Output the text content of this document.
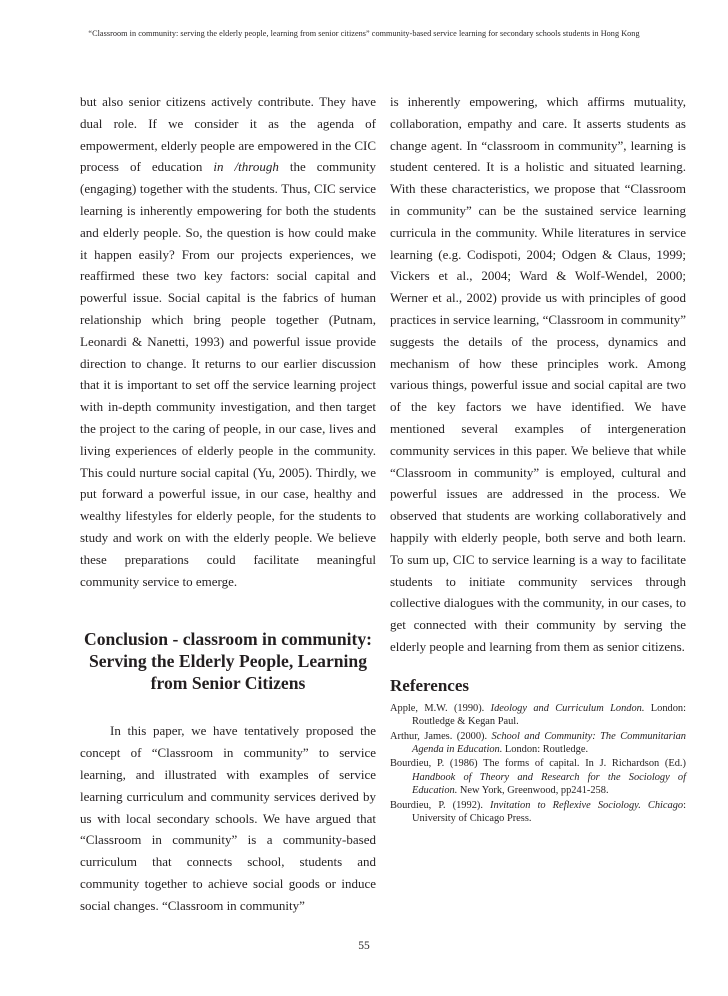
“Classroom in community: serving the elderly people, learning from senior citizens” community-based service learning for secondary schools students in Hong Kong

but also senior citizens actively contribute. They have dual role. If we consider it as the agenda of empowerment, elderly people are empowered in the CIC process of education in /through the community (engaging) together with the students. Thus, CIC service learning is inherently empowering for both the students and elderly people. So, the question is how could make it happen easily? From our projects experiences, we reaffirmed these two key factors: social capital and powerful issue. Social capital is the fabrics of human relationship which bring people together (Putnam, Leonardi & Nanetti, 1993) and powerful issue provide direction to change. It returns to our earlier discussion that it is important to set off the service learning project with in-depth community investigation, and then target the project to the caring of people, in our case, lives and living experiences of elderly people in the community. This could nurture social capital (Yu, 2005). Thirdly, we put forward a powerful issue, in our case, healthy and wealthy lifestyles for elderly people, for the students to study and work on with the elderly people. We believe these preparations could facilitate meaningful community service to emerge.

Conclusion - classroom in community: Serving the Elderly People, Learning from Senior Citizens

In this paper, we have tentatively proposed the concept of “Classroom in community” to service learning, and illustrated with examples of service learning curriculum and community services derived by us with local secondary schools. We have argued that “Classroom in community” is a community-based curriculum that connects school, students and community together to achieve social goods or induce social changes. “Classroom in community”

is inherently empowering, which affirms mutuality, collaboration, empathy and care. It asserts students as change agent. In “classroom in community”, learning is student centered. It is a holistic and situated learning. With these characteristics, we propose that “Classroom in community” can be the sustained service learning curricula in the community. While literatures in service learning (e.g. Codispoti, 2004; Odgen & Claus, 1999; Vickers et al., 2004; Ward & Wolf-Wendel, 2000; Werner et al., 2002) provide us with principles of good practices in service learning, “Classroom in community” suggests the details of the process, dynamics and mechanism of how these principles work. Among various things, powerful issue and social capital are two of the key factors we have identified. We have mentioned several examples of intergeneration community services in this paper. We believe that while “Classroom in community” is employed, cultural and powerful issues are addressed in the process. We observed that students are working collaboratively and happily with elderly people, both serve and both learn. To sum up, CIC to service learning is a way to facilitate students to initiate community services through collective dialogues with the community, in our cases, to get connected with their community by serving the elderly people and learning from them as senior citizens.

References
Apple, M.W. (1990). Ideology and Curriculum London. London: Routledge & Kegan Paul.
Arthur, James. (2000). School and Community: The Communitarian Agenda in Education. London: Routledge.
Bourdieu, P. (1986) The forms of capital. In J. Richardson (Ed.) Handbook of Theory and Research for the Sociology of Education. New York, Greenwood, pp241-258.
Bourdieu, P. (1992). Invitation to Reflexive Sociology. Chicago: University of Chicago Press.
55
